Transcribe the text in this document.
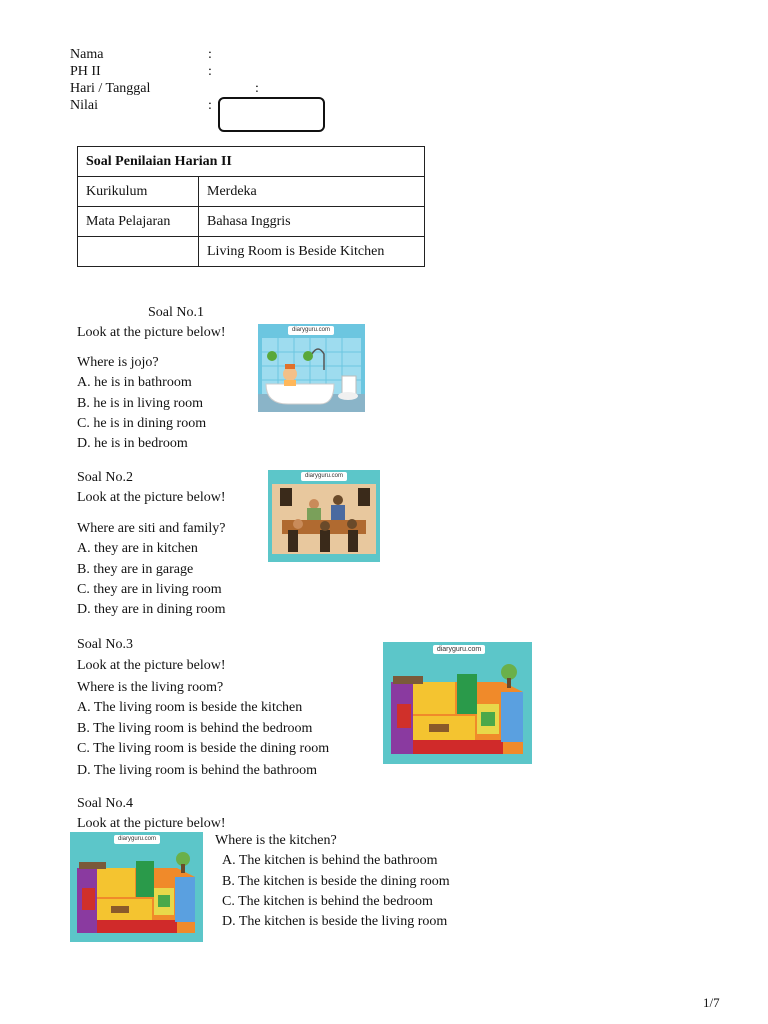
Nama	:
PH II	:
Hari / Tanggal	:
Nilai	:
Soal Penilaian Harian II	
Kurikulum	Merdeka
Mata Pelajaran	Bahasa Inggris
	Living Room is Beside Kitchen
Soal No.1
Look at the picture below!
Where is jojo?
A. he is in bathroom
B. he is in living room
C. he is in dining room
D. he is in bedroom
diaryguru.com
Soal No.2
Look at the picture below!
Where are siti and family?
A. they are in kitchen
B. they are in garage
C. they are in living room
D. they are in dining room
diaryguru.com
Soal No.3
Look at the picture below!
Where is the living room?
A. The living room is beside the kitchen
B. The living room is behind the bedroom
C. The living room is beside the dining room
D. The living room is behind the bathroom
diaryguru.com
Soal No.4
Look at the picture below!
Where is the kitchen?
A. The kitchen is behind the bathroom
B. The kitchen is beside the dining room
C. The kitchen is behind the bedroom
D. The kitchen is beside the living room
diaryguru.com
1/7
